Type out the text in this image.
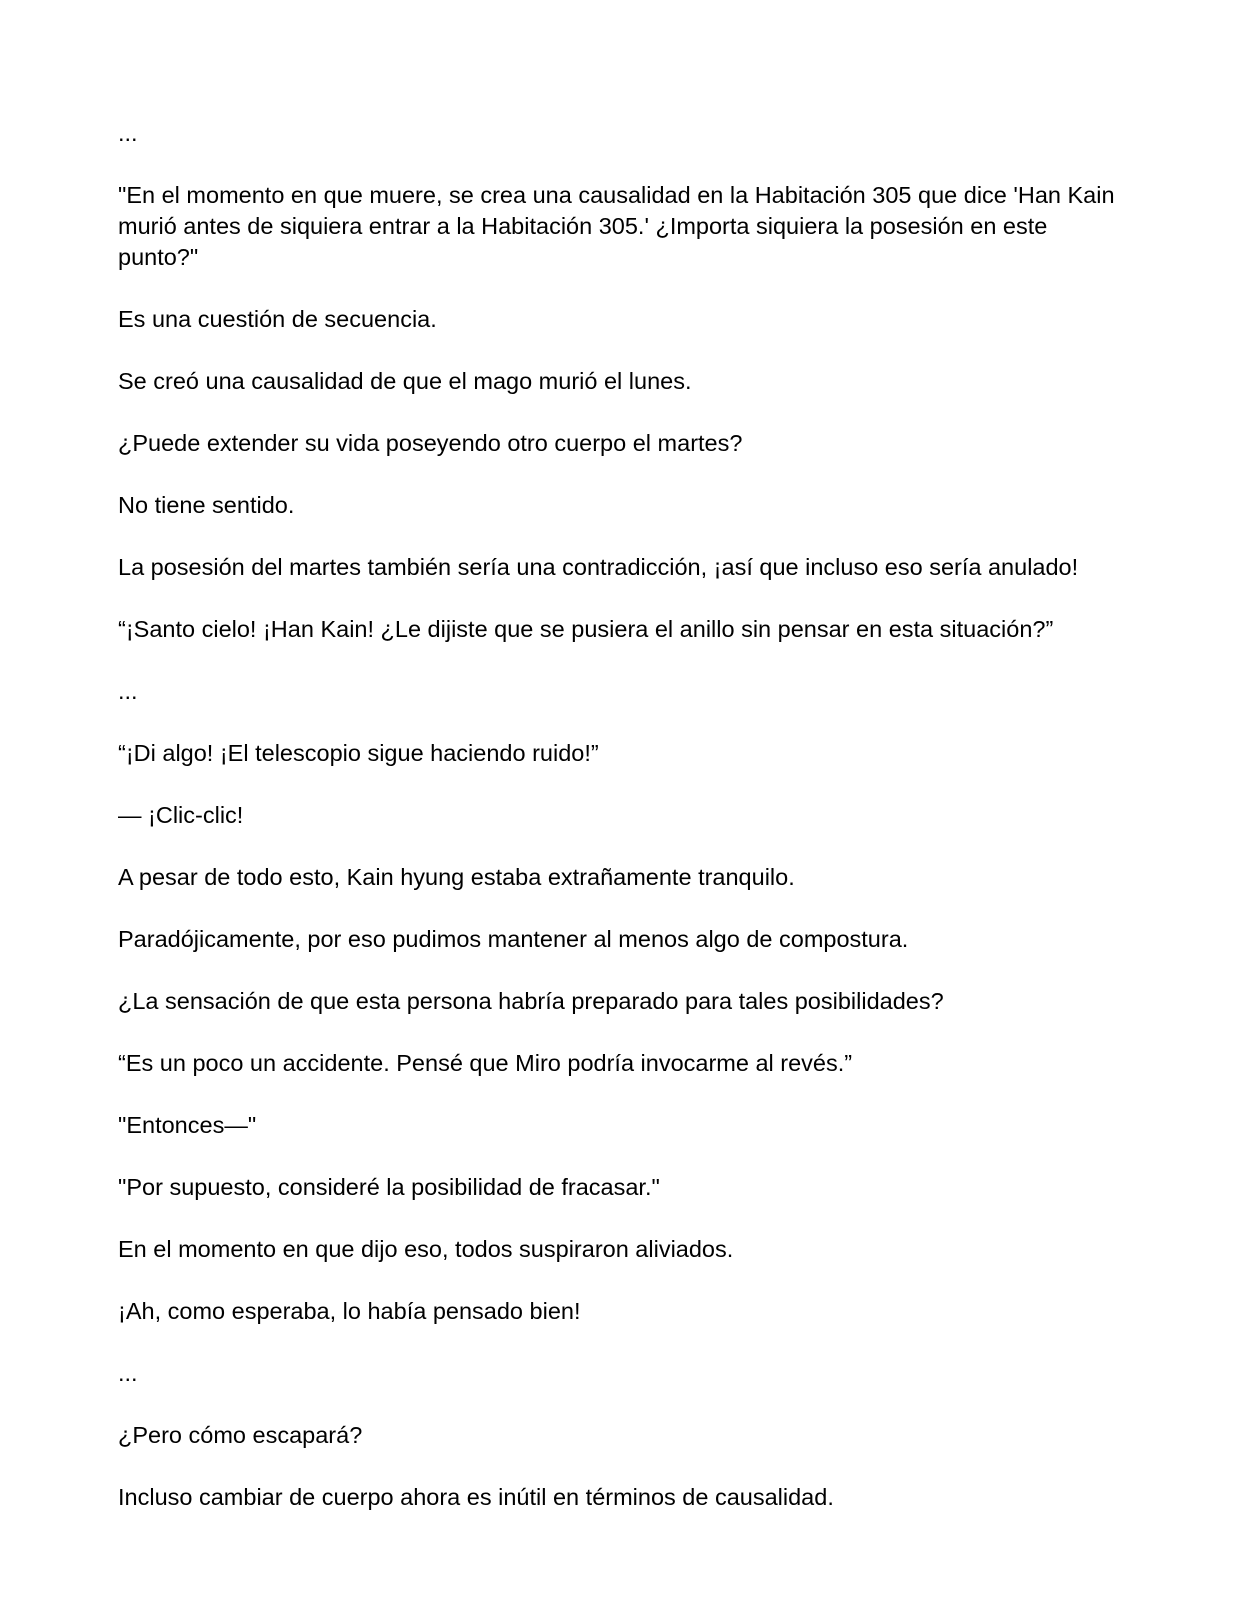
...

"En el momento en que muere, se crea una causalidad en la Habitación 305 que dice 'Han Kain murió antes de siquiera entrar a la Habitación 305.' ¿Importa siquiera la posesión en este punto?"

Es una cuestión de secuencia.

Se creó una causalidad de que el mago murió el lunes.

¿Puede extender su vida poseyendo otro cuerpo el martes?

No tiene sentido.

La posesión del martes también sería una contradicción, ¡así que incluso eso sería anulado!

“¡Santo cielo! ¡Han Kain! ¿Le dijiste que se pusiera el anillo sin pensar en esta situación?”

...

“¡Di algo! ¡El telescopio sigue haciendo ruido!”

— ¡Clic-clic!

A pesar de todo esto, Kain hyung estaba extrañamente tranquilo.

Paradójicamente, por eso pudimos mantener al menos algo de compostura.

¿La sensación de que esta persona habría preparado para tales posibilidades?

“Es un poco un accidente. Pensé que Miro podría invocarme al revés.”

"Entonces—"

"Por supuesto, consideré la posibilidad de fracasar."

En el momento en que dijo eso, todos suspiraron aliviados.

¡Ah, como esperaba, lo había pensado bien!

...

¿Pero cómo escapará?

Incluso cambiar de cuerpo ahora es inútil en términos de causalidad.
